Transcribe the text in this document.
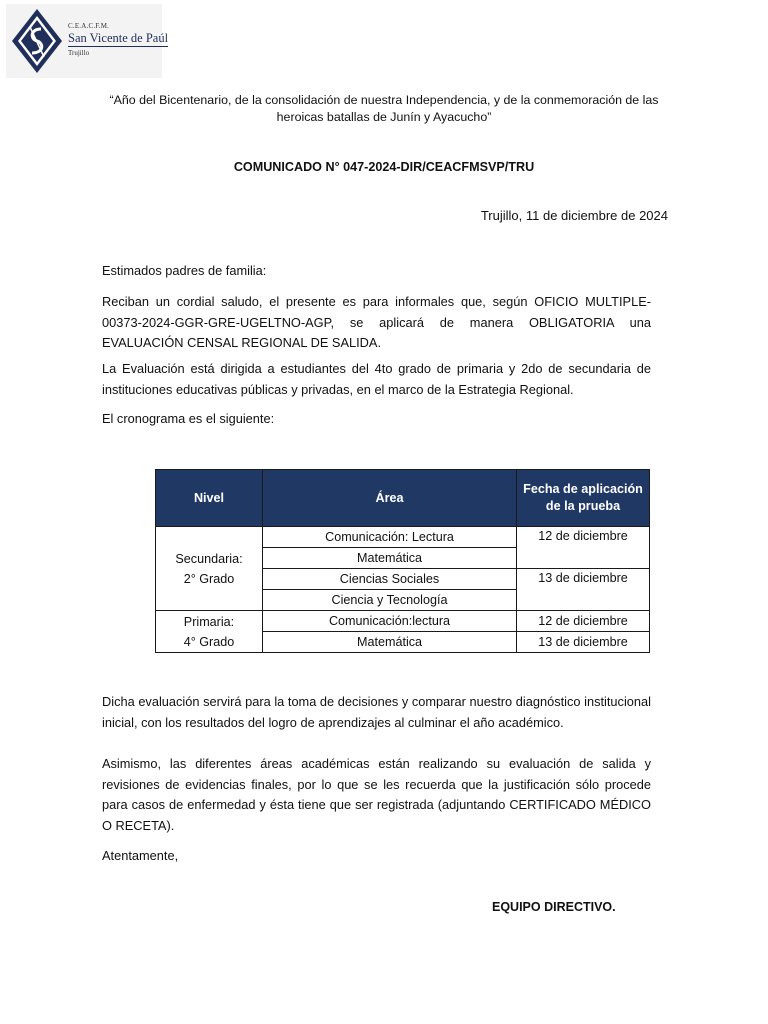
C.E.A.C.F.M.
San Vicente de Paúl
Trujillo
“Año del Bicentenario, de la consolidación de nuestra Independencia, y de la conmemoración de las heroicas batallas de Junín y Ayacucho”
COMUNICADO N° 047-2024-DIR/CEACFMSVP/TRU
Trujillo, 11 de diciembre de 2024
Estimados padres de familia:
Reciban un cordial saludo, el presente es para informales que, según OFICIO MULTIPLE-00373-2024-GGR-GRE-UGELTNO-AGP, se aplicará de manera OBLIGATORIA una EVALUACIÓN CENSAL REGIONAL DE SALIDA.
La Evaluación está dirigida a estudiantes del 4to grado de primaria y 2do de secundaria de instituciones educativas públicas y privadas, en el marco de la Estrategia Regional.
El cronograma es el siguiente:
Nivel	Área	Fecha de aplicación de la prueba
Secundaria:
2° Grado	Comunicación: Lectura	12 de diciembre
	Matemática	
	Ciencias Sociales	13 de diciembre
	Ciencia y Tecnología	
Primaria:
4° Grado	Comunicación:lectura	12 de diciembre
	Matemática	13 de diciembre
Dicha evaluación servirá para la toma de decisiones y comparar nuestro diagnóstico institucional inicial, con los resultados del logro de aprendizajes al culminar el año académico.
Asimismo, las diferentes áreas académicas están realizando su evaluación de salida y revisiones de evidencias finales, por lo que se les recuerda que la justificación sólo procede para casos de enfermedad y ésta tiene que ser registrada (adjuntando CERTIFICADO MÉDICO O RECETA).
Atentamente,
EQUIPO DIRECTIVO.
